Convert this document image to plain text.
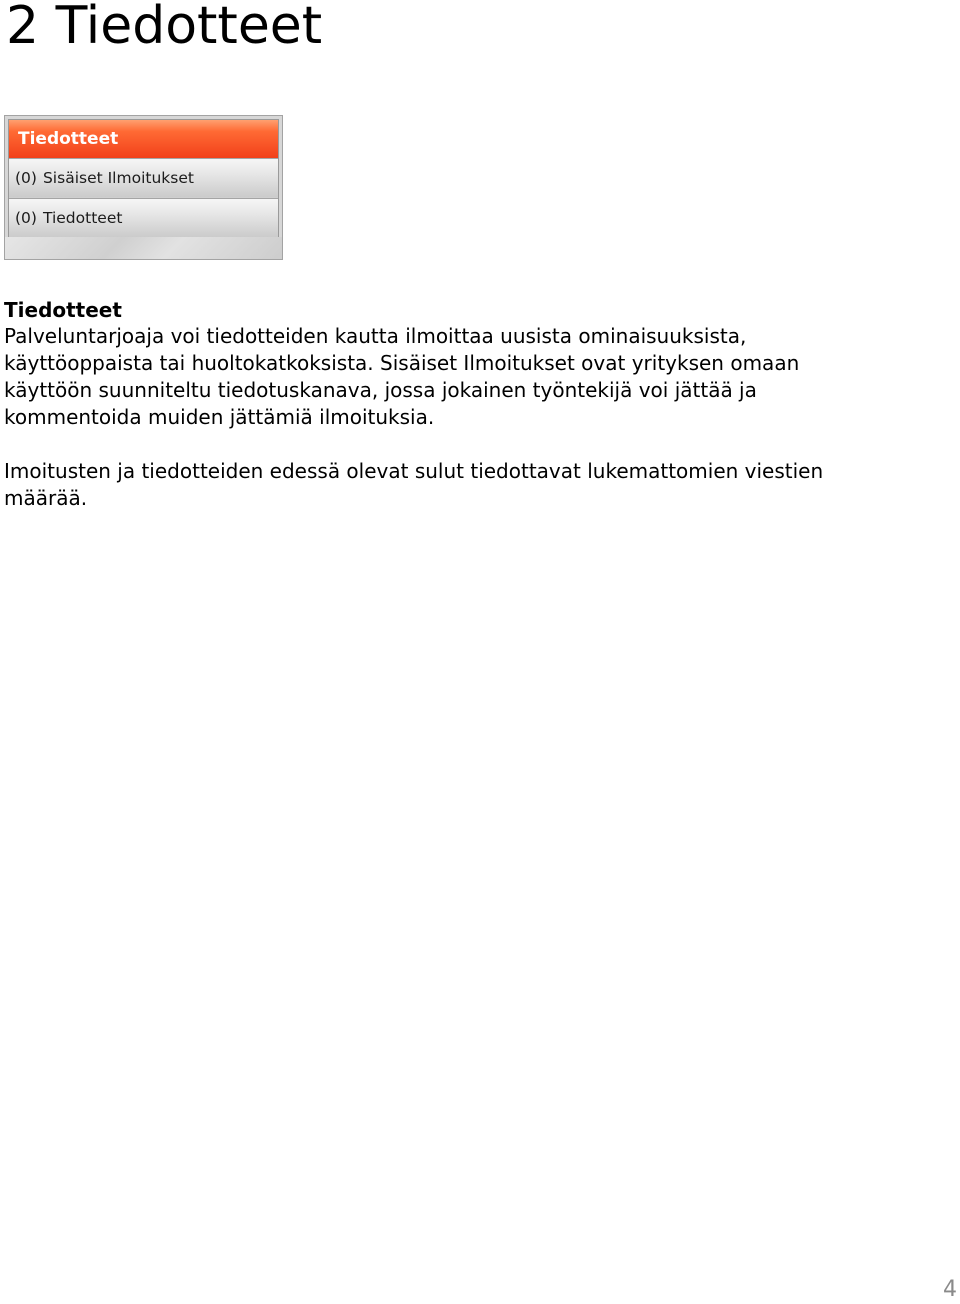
2 Tiedotteet
Tiedotteet
(0) Sisäiset Ilmoitukset
(0) Tiedotteet
Tiedotteet

Palveluntarjoaja voi tiedotteiden kautta ilmoittaa uusista ominaisuuksista,
käyttöoppaista tai huoltokatkoksista. Sisäiset Ilmoitukset ovat yrityksen omaan
käyttöön suunniteltu tiedotuskanava, jossa jokainen työntekijä voi jättää ja
kommentoida muiden jättämiä ilmoituksia.

Imoitusten ja tiedotteiden edessä olevat sulut tiedottavat lukemattomien viestien
määrää.

4
